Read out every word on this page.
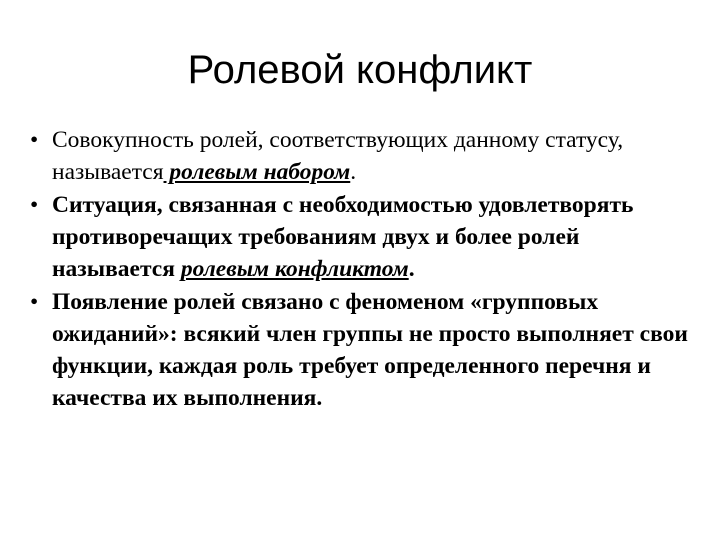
Ролевой конфликт
• Совокупность ролей, соответствующих данному статусу, называется ролевым набором.
• Ситуация, связанная с необходимостью удовлетворять противоречащих требованиям двух и более ролей называется ролевым конфликтом.
• Появление ролей связано с феноменом «групповых ожиданий»: всякий член группы не просто выполняет свои функции, каждая роль требует определенного перечня и качества их выполнения.
